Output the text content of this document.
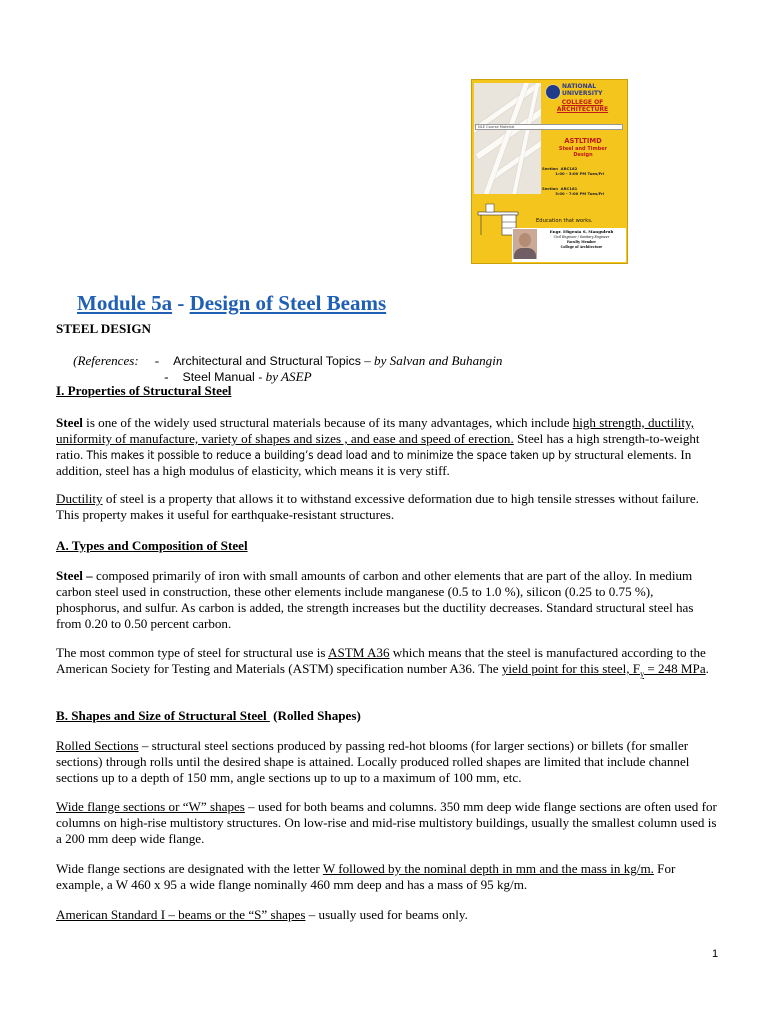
NATIONAL UNIVERSITY
COLLEGE OF ARCHITECTURE
NLE Course Material
ASTLTIMD
Steel and Timber Design
Section ARC182
1:00 - 3:00 PM Tues/Fri
Section ARC181
3:00 - 7:00 PM Tues/Fri
Education that works.
Engr. Efigenia S. Mangulrub
Civil Engineer / Sanitary Engineer
Faculty Member
College of Architecture

Module 5a - Design of Steel Beams

STEEL DESIGN

(References: - Architectural and Structural Topics – by Salvan and Buhangin

- Steel Manual - by ASEP

I. Properties of Structural Steel

Steel is one of the widely used structural materials because of its many advantages, which include high strength, ductility, uniformity of manufacture, variety of shapes and sizes , and ease and speed of erection. Steel has a high strength-to-weight ratio. This makes it possible to reduce a building’s dead load and to minimize the space taken up by structural elements. In addition, steel has a high modulus of elasticity, which means it is very stiff.

Ductility of steel is a property that allows it to withstand excessive deformation due to high tensile stresses without failure. This property makes it useful for earthquake-resistant structures.

A. Types and Composition of Steel

Steel – composed primarily of iron with small amounts of carbon and other elements that are part of the alloy. In medium carbon steel used in construction, these other elements include manganese (0.5 to 1.0 %), silicon (0.25 to 0.75 %), phosphorus, and sulfur. As carbon is added, the strength increases but the ductility decreases. Standard structural steel has from 0.20 to 0.50 percent carbon.

The most common type of steel for structural use is ASTM A36 which means that the steel is manufactured according to the American Society for Testing and Materials (ASTM) specification number A36. The yield point for this steel, $F_y = 248$ MPa.

B. Shapes and Size of Structural Steel  (Rolled Shapes)

Rolled Sections – structural steel sections produced by passing red-hot blooms (for larger sections) or billets (for smaller sections) through rolls until the desired shape is attained. Locally produced rolled shapes are limited that include channel sections up to a depth of 150 mm, angle sections up to up to a maximum of 100 mm, etc.

Wide flange sections or “W” shapes – used for both beams and columns. 350 mm deep wide flange sections are often used for columns on high-rise multistory structures. On low-rise and mid-rise multistory buildings, usually the smallest column used is a 200 mm deep wide flange.

Wide flange sections are designated with the letter W followed by the nominal depth in mm and the mass in kg/m. For example, a W 460 x 95 a wide flange nominally 460 mm deep and has a mass of 95 kg/m.

American Standard I – beams or the “S” shapes – usually used for beams only.

1
